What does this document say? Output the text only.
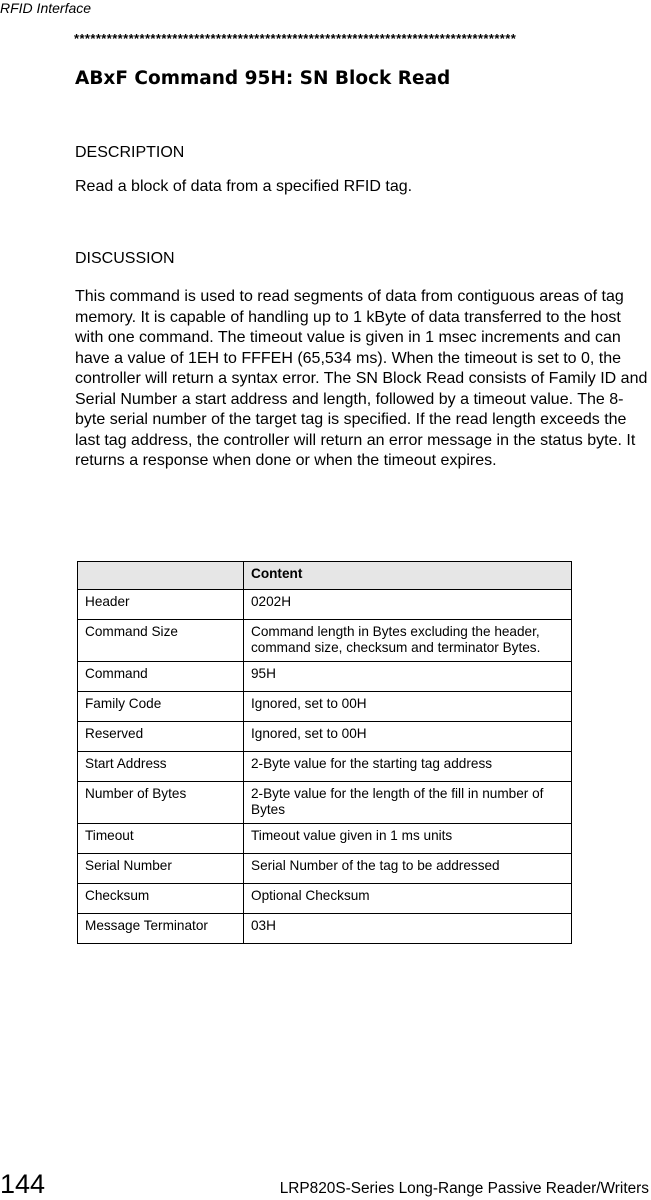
RFID Interface
*********************************************************************************
ABxF Command 95H: SN Block Read
DESCRIPTION
Read a block of data from a specified RFID tag.
DISCUSSION
This command is used to read segments of data from contiguous areas of tag memory. It is capable of handling up to 1 kByte of data transferred to the host with one command. The timeout value is given in 1 msec increments and can have a value of 1EH to FFFEH (65,534 ms). When the timeout is set to 0, the controller will return a syntax error. The SN Block Read consists of Family ID and Serial Number a start address and length, followed by a timeout value. The 8-byte serial number of the target tag is specified. If the read length exceeds the last tag address, the controller will return an error message in the status byte. It returns a response when done or when the timeout expires.
	Content
Header	0202H
Command Size	Command length in Bytes excluding the header, command size, checksum and terminator Bytes.
Command	95H
Family Code	Ignored, set to 00H
Reserved	Ignored, set to 00H
Start Address	2-Byte value for the starting tag address
Number of Bytes	2-Byte value for the length of the fill in number of Bytes
Timeout	Timeout value given in 1 ms units
Serial Number	Serial Number of the tag to be addressed
Checksum	Optional Checksum
Message Terminator	03H
144	LRP820S-Series Long-Range Passive Reader/Writers
